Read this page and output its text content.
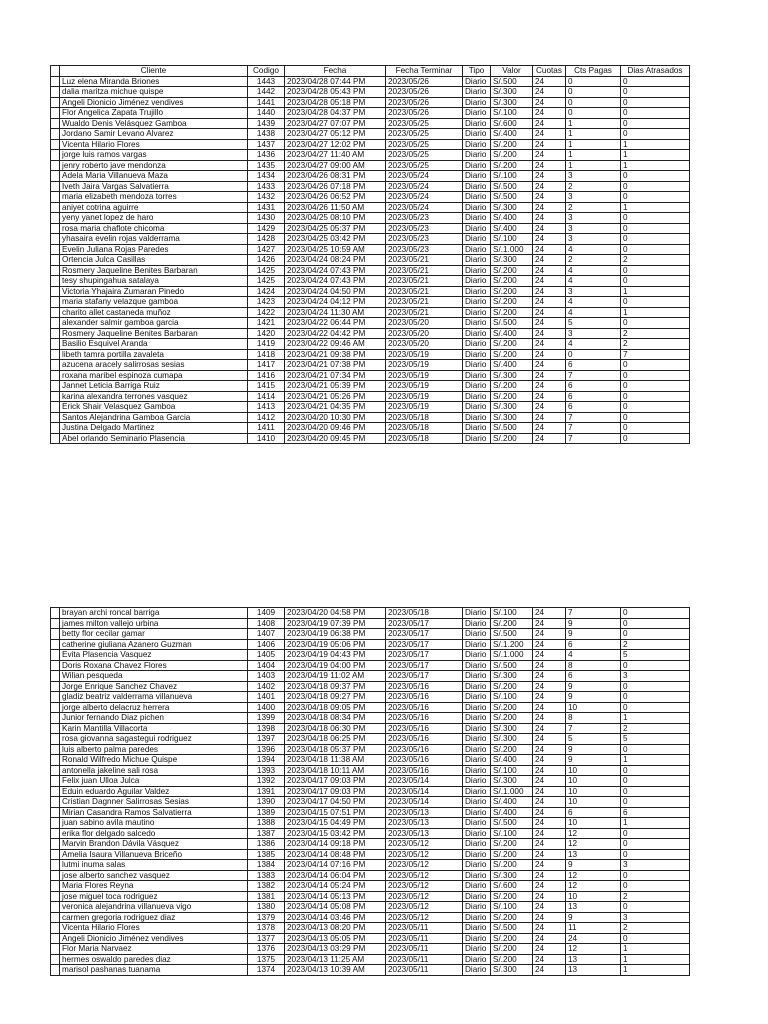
	Cliente	Codigo	Fecha	Fecha Terminar	Tipo	Valor	Cuotas	Cts Pagas	Dias Atrasados
	Luz elena Miranda Briones	1443	2023/04/28 07:44 PM	2023/05/26	Diario	S/.500	24	0	0
	dalia maritza michue quispe	1442	2023/04/28 05:43 PM	2023/05/26	Diario	S/.300	24	0	0
	Angeli Dionicio Jiménez vendives	1441	2023/04/28 05:18 PM	2023/05/26	Diario	S/.300	24	0	0
	Flor Angelica Zapata Trujillo	1440	2023/04/28 04:37 PM	2023/05/26	Diario	S/.100	24	0	0
	Wualdo Denis Velásquez Gamboa	1439	2023/04/27 07:07 PM	2023/05/25	Diario	S/.600	24	1	0
	Jordano Samir Levano Alvarez	1438	2023/04/27 05:12 PM	2023/05/25	Diario	S/.400	24	1	0
	Vicenta Hilario Flores	1437	2023/04/27 12:02 PM	2023/05/25	Diario	S/.200	24	1	1
	jorge luis ramos vargas	1436	2023/04/27 11:40 AM	2023/05/25	Diario	S/.200	24	1	1
	jenry roberto jave mendonza	1435	2023/04/27 09:00 AM	2023/05/25	Diario	S/.200	24	1	1
	Adela Maria Villanueva Maza	1434	2023/04/26 08:31 PM	2023/05/24	Diario	S/.100	24	3	0
	Iveth Jaira Vargas Salvatierra	1433	2023/04/26 07:18 PM	2023/05/24	Diario	S/.500	24	2	0
	maria elizabeth mendoza torres	1432	2023/04/26 06:52 PM	2023/05/24	Diario	S/.500	24	3	0
	aniyet cotrina aguirre	1431	2023/04/26 11:50 AM	2023/05/24	Diario	S/.300	24	2	1
	yeny yanet lopez de haro	1430	2023/04/25 08:10 PM	2023/05/23	Diario	S/.400	24	3	0
	rosa maria chaflote chicoma	1429	2023/04/25 05:37 PM	2023/05/23	Diario	S/.400	24	3	0
	yhasaira evelin rojas valderrama	1428	2023/04/25 03:42 PM	2023/05/23	Diario	S/.100	24	3	0
	Evelin Juliana Rojas Paredes	1427	2023/04/25 10:59 AM	2023/05/23	Diario	S/.1.000	24	4	0
	Ortencia Julca Casillas	1426	2023/04/24 08:24 PM	2023/05/21	Diario	S/.300	24	2	2
	Rosmery Jaqueline Benites Barbaran	1425	2023/04/24 07:43 PM	2023/05/21	Diario	S/.200	24	4	0
	tesy shupingahua satalaya	1425	2023/04/24 07:43 PM	2023/05/21	Diario	S/.200	24	4	0
	Victoria Yhajaira Zumaran Pinedo	1424	2023/04/24 04:50 PM	2023/05/21	Diario	S/.200	24	3	1
	maria stafany velazque gamboa	1423	2023/04/24 04:12 PM	2023/05/21	Diario	S/.200	24	4	0
	charito allet castaneda muñoz	1422	2023/04/24 11:30 AM	2023/05/21	Diario	S/.200	24	4	1
	alexander salmir gamboa garcia	1421	2023/04/22 06:44 PM	2023/05/20	Diario	S/.500	24	5	0
	Rosmery Jaqueline Benites Barbaran	1420	2023/04/22 04:42 PM	2023/05/20	Diario	S/.400	24	3	2
	Basilio Esquivel Aranda	1419	2023/04/22 09:46 AM	2023/05/20	Diario	S/.200	24	4	2
	libeth tamra portilla zavaleta	1418	2023/04/21 09:38 PM	2023/05/19	Diario	S/.200	24	0	7
	azucena aracely salirrosas sesias	1417	2023/04/21 07:38 PM	2023/05/19	Diario	S/.400	24	6	0
	roxana maribel espinoza cumapa	1416	2023/04/21 07:34 PM	2023/05/19	Diario	S/.300	24	7	0
	Jannet Leticia Barriga Ruiz	1415	2023/04/21 05:39 PM	2023/05/19	Diario	S/.200	24	6	0
	karina alexandra terrones vasquez	1414	2023/04/21 05:26 PM	2023/05/19	Diario	S/.200	24	6	0
	Erick Shair Velasquez Gamboa	1413	2023/04/21 04:35 PM	2023/05/19	Diario	S/.300	24	6	0
	Santos Alejandrina Gamboa Garcia	1412	2023/04/20 10:30 PM	2023/05/18	Diario	S/.300	24	7	0
	Justina Delgado Martinez	1411	2023/04/20 09:46 PM	2023/05/18	Diario	S/.500	24	7	0
	Abel orlando Seminario Plasencia	1410	2023/04/20 09:45 PM	2023/05/18	Diario	S/.200	24	7	0
	brayan archi roncal barriga	1409	2023/04/20 04:58 PM	2023/05/18	Diario	S/.100	24	7	0
	james milton vallejo urbina	1408	2023/04/19 07:39 PM	2023/05/17	Diario	S/.200	24	9	0
	betty flor cecilar gamar	1407	2023/04/19 06:38 PM	2023/05/17	Diario	S/.500	24	9	0
	catherine giuliana Azanero Guzman	1406	2023/04/19 05:06 PM	2023/05/17	Diario	S/.1.200	24	6	2
	Evita Plasencia Vasquez	1405	2023/04/19 04:43 PM	2023/05/17	Diario	S/.1.000	24	4	5
	Doris Roxana Chavez Flores	1404	2023/04/19 04:00 PM	2023/05/17	Diario	S/.500	24	8	0
	Wilian pesqueda	1403	2023/04/19 11:02 AM	2023/05/17	Diario	S/.300	24	6	3
	Jorge Enrique Sanchez Chavez	1402	2023/04/18 09:37 PM	2023/05/16	Diario	S/.200	24	9	0
	gladiz beatriz valderrama villanueva	1401	2023/04/18 09:27 PM	2023/05/16	Diario	S/.100	24	9	0
	jorge alberto delacruz herrera	1400	2023/04/18 09:05 PM	2023/05/16	Diario	S/.200	24	10	0
	Junior fernando Diaz pichen	1399	2023/04/18 08:34 PM	2023/05/16	Diario	S/.200	24	8	1
	Karin Mantilla Villacorta	1398	2023/04/18 06:30 PM	2023/05/16	Diario	S/.300	24	7	2
	rosa giovanna sagastegui rodriguez	1397	2023/04/18 06:25 PM	2023/05/16	Diario	S/.300	24	5	5
	luis alberto palma paredes	1396	2023/04/18 05:37 PM	2023/05/16	Diario	S/.200	24	9	0
	Ronald Wilfredo Michue Quispe	1394	2023/04/18 11:38 AM	2023/05/16	Diario	S/.400	24	9	1
	antonella jakeline sali rosa	1393	2023/04/18 10:11 AM	2023/05/16	Diario	S/.100	24	10	0
	Felix juan Ulloa Julca	1392	2023/04/17 09:03 PM	2023/05/14	Diario	S/.300	24	10	0
	Eduin eduardo Aguilar Valdez	1391	2023/04/17 09:03 PM	2023/05/14	Diario	S/.1.000	24	10	0
	Cristian Dagnner Salirrosas Sesias	1390	2023/04/17 04:50 PM	2023/05/14	Diario	S/.400	24	10	0
	Mirian Casandra Ramos Salvatierra	1389	2023/04/15 07:51 PM	2023/05/13	Diario	S/.400	24	6	6
	juan sabino avila mautino	1388	2023/04/15 04:49 PM	2023/05/13	Diario	S/.500	24	10	1
	erika flor delgado salcedo	1387	2023/04/15 03:42 PM	2023/05/13	Diario	S/.100	24	12	0
	Marvin Brandon Dávila Vásquez	1386	2023/04/14 09:18 PM	2023/05/12	Diario	S/.200	24	12	0
	Amelia Isaura Villanueva Briceño	1385	2023/04/14 08:48 PM	2023/05/12	Diario	S/.200	24	13	0
	lutmi inuma salas	1384	2023/04/14 07:16 PM	2023/05/12	Diario	S/.200	24	9	3
	jose alberto sanchez vasquez	1383	2023/04/14 06:04 PM	2023/05/12	Diario	S/.300	24	12	0
	Maria Flores Reyna	1382	2023/04/14 05:24 PM	2023/05/12	Diario	S/.600	24	12	0
	jose miguel toca rodriguez	1381	2023/04/14 05:13 PM	2023/05/12	Diario	S/.200	24	10	2
	veronica alejandrina villanueva vigo	1380	2023/04/14 05:08 PM	2023/05/12	Diario	S/.100	24	13	0
	carmen gregoria rodriguez diaz	1379	2023/04/14 03:46 PM	2023/05/12	Diario	S/.200	24	9	3
	Vicenta Hilario Flores	1378	2023/04/13 08:20 PM	2023/05/11	Diario	S/.500	24	11	2
	Angeli Dionicio Jiménez vendives	1377	2023/04/13 05:05 PM	2023/05/11	Diario	S/.200	24	24	0
	Flor Maria Narvaez	1376	2023/04/13 03:29 PM	2023/05/11	Diario	S/.200	24	12	1
	hermes oswaldo paredes diaz	1375	2023/04/13 11:25 AM	2023/05/11	Diario	S/.200	24	13	1
	marisol pashanas tuanama	1374	2023/04/13 10:39 AM	2023/05/11	Diario	S/.300	24	13	1
